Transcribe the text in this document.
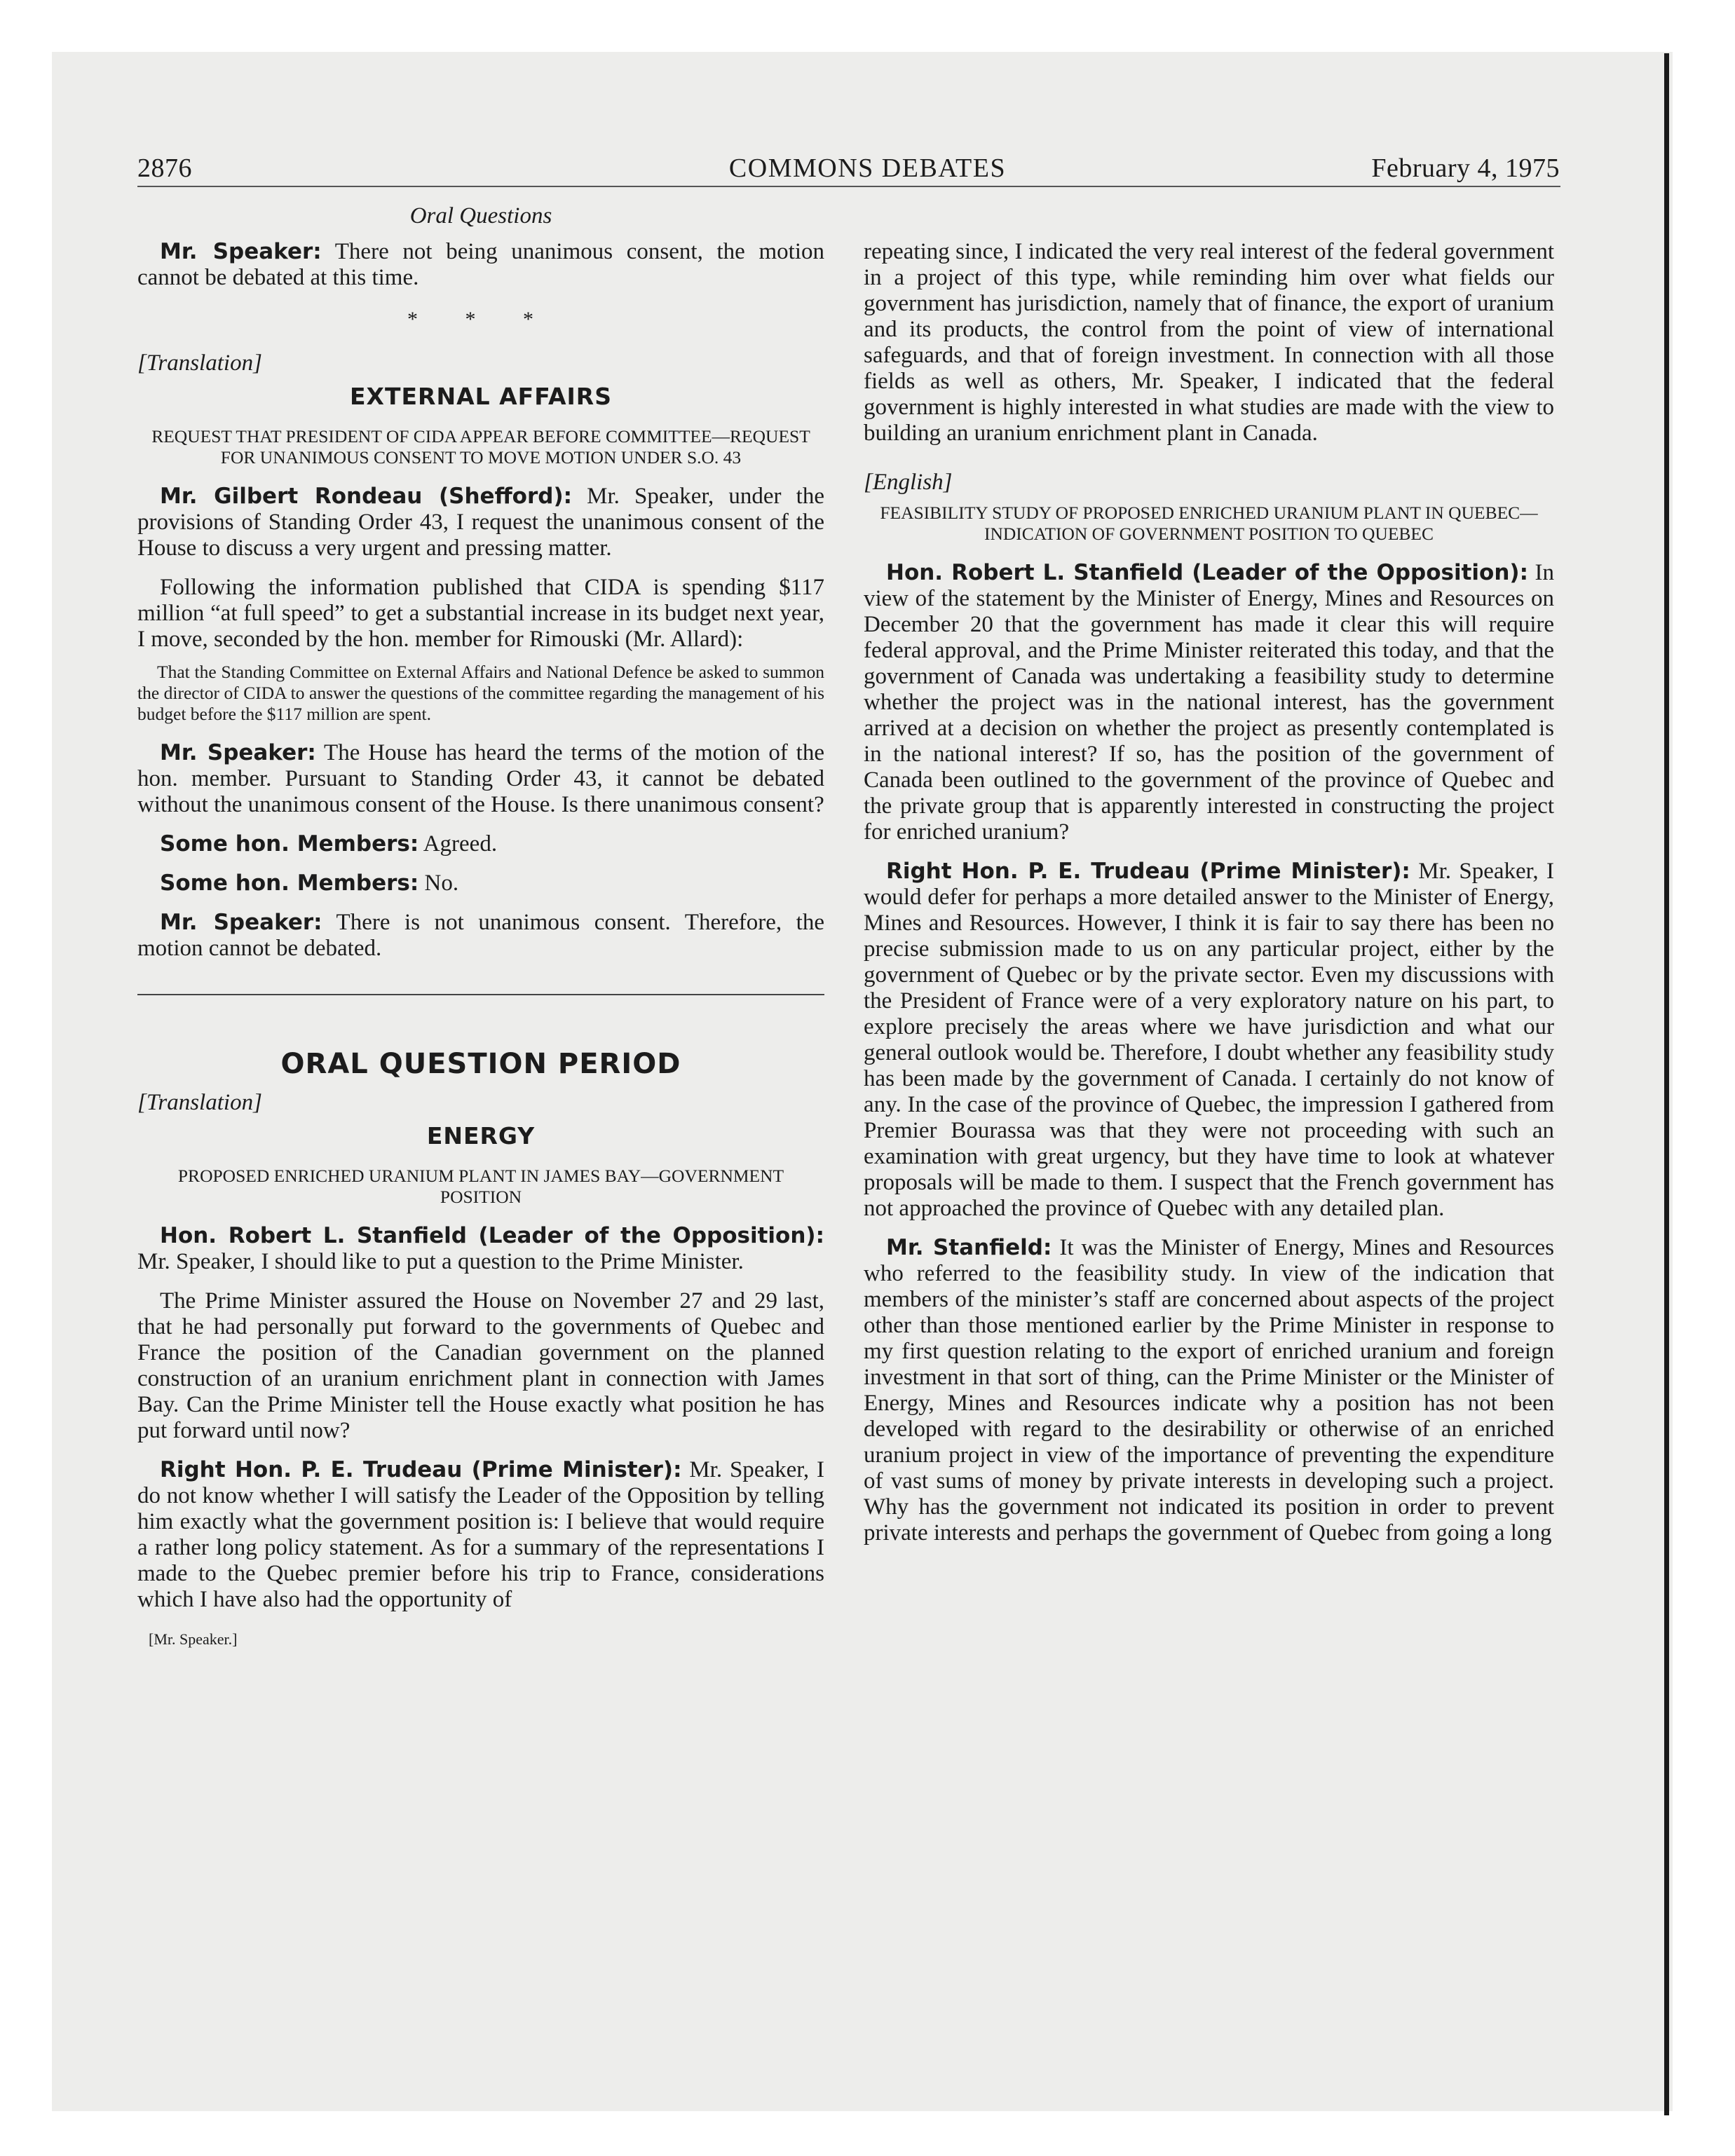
2876	COMMONS DEBATES	February 4, 1975
Oral Questions

Mr. Speaker: There not being unanimous consent, the motion cannot be debated at this time.

* * *
[Translation]
EXTERNAL AFFAIRS
REQUEST THAT PRESIDENT OF CIDA APPEAR BEFORE COMMITTEE—REQUEST FOR UNANIMOUS CONSENT TO MOVE MOTION UNDER S.O. 43

Mr. Gilbert Rondeau (Shefford): Mr. Speaker, under the provisions of Standing Order 43, I request the unanimous consent of the House to discuss a very urgent and pressing matter.

Following the information published that CIDA is spending $117 million “at full speed” to get a substantial increase in its budget next year, I move, seconded by the hon. member for Rimouski (Mr. Allard):

That the Standing Committee on External Affairs and National Defence be asked to summon the director of CIDA to answer the questions of the committee regarding the management of his budget before the $117 million are spent.

Mr. Speaker: The House has heard the terms of the motion of the hon. member. Pursuant to Standing Order 43, it cannot be debated without the unanimous consent of the House. Is there unanimous consent?

Some hon. Members: Agreed.

Some hon. Members: No.

Mr. Speaker: There is not unanimous consent. Therefore, the motion cannot be debated.

ORAL QUESTION PERIOD
[Translation]
ENERGY
PROPOSED ENRICHED URANIUM PLANT IN JAMES BAY—GOVERNMENT POSITION

Hon. Robert L. Stanfield (Leader of the Opposition): Mr. Speaker, I should like to put a question to the Prime Minister.

The Prime Minister assured the House on November 27 and 29 last, that he had personally put forward to the governments of Quebec and France the position of the Canadian government on the planned construction of an uranium enrichment plant in connection with James Bay. Can the Prime Minister tell the House exactly what position he has put forward until now?

Right Hon. P. E. Trudeau (Prime Minister): Mr. Speaker, I do not know whether I will satisfy the Leader of the Opposition by telling him exactly what the government position is: I believe that would require a rather long policy statement. As for a summary of the representations I made to the Quebec premier before his trip to France, considerations which I have also had the opportunity of

[Mr. Speaker.]

repeating since, I indicated the very real interest of the federal government in a project of this type, while reminding him over what fields our government has jurisdiction, namely that of finance, the export of uranium and its products, the control from the point of view of international safeguards, and that of foreign investment. In connection with all those fields as well as others, Mr. Speaker, I indicated that the federal government is highly interested in what studies are made with the view to building an uranium enrichment plant in Canada.

[English]
FEASIBILITY STUDY OF PROPOSED ENRICHED URANIUM PLANT IN QUEBEC—INDICATION OF GOVERNMENT POSITION TO QUEBEC

Hon. Robert L. Stanfield (Leader of the Opposition): In view of the statement by the Minister of Energy, Mines and Resources on December 20 that the government has made it clear this will require federal approval, and the Prime Minister reiterated this today, and that the government of Canada was undertaking a feasibility study to determine whether the project was in the national interest, has the government arrived at a decision on whether the project as presently contemplated is in the national interest? If so, has the position of the government of Canada been outlined to the government of the province of Quebec and the private group that is apparently interested in constructing the project for enriched uranium?

Right Hon. P. E. Trudeau (Prime Minister): Mr. Speaker, I would defer for perhaps a more detailed answer to the Minister of Energy, Mines and Resources. However, I think it is fair to say there has been no precise submission made to us on any particular project, either by the government of Quebec or by the private sector. Even my discussions with the President of France were of a very exploratory nature on his part, to explore precisely the areas where we have jurisdiction and what our general outlook would be. Therefore, I doubt whether any feasibility study has been made by the government of Canada. I certainly do not know of any. In the case of the province of Quebec, the impression I gathered from Premier Bourassa was that they were not proceeding with such an examination with great urgency, but they have time to look at whatever proposals will be made to them. I suspect that the French government has not approached the province of Quebec with any detailed plan.

Mr. Stanfield: It was the Minister of Energy, Mines and Resources who referred to the feasibility study. In view of the indication that members of the minister’s staff are concerned about aspects of the project other than those mentioned earlier by the Prime Minister in response to my first question relating to the export of enriched uranium and foreign investment in that sort of thing, can the Prime Minister or the Minister of Energy, Mines and Resources indicate why a position has not been developed with regard to the desirability or otherwise of an enriched uranium project in view of the importance of preventing the expenditure of vast sums of money by private interests in developing such a project. Why has the government not indicated its position in order to prevent private interests and perhaps the government of Quebec from going a long
